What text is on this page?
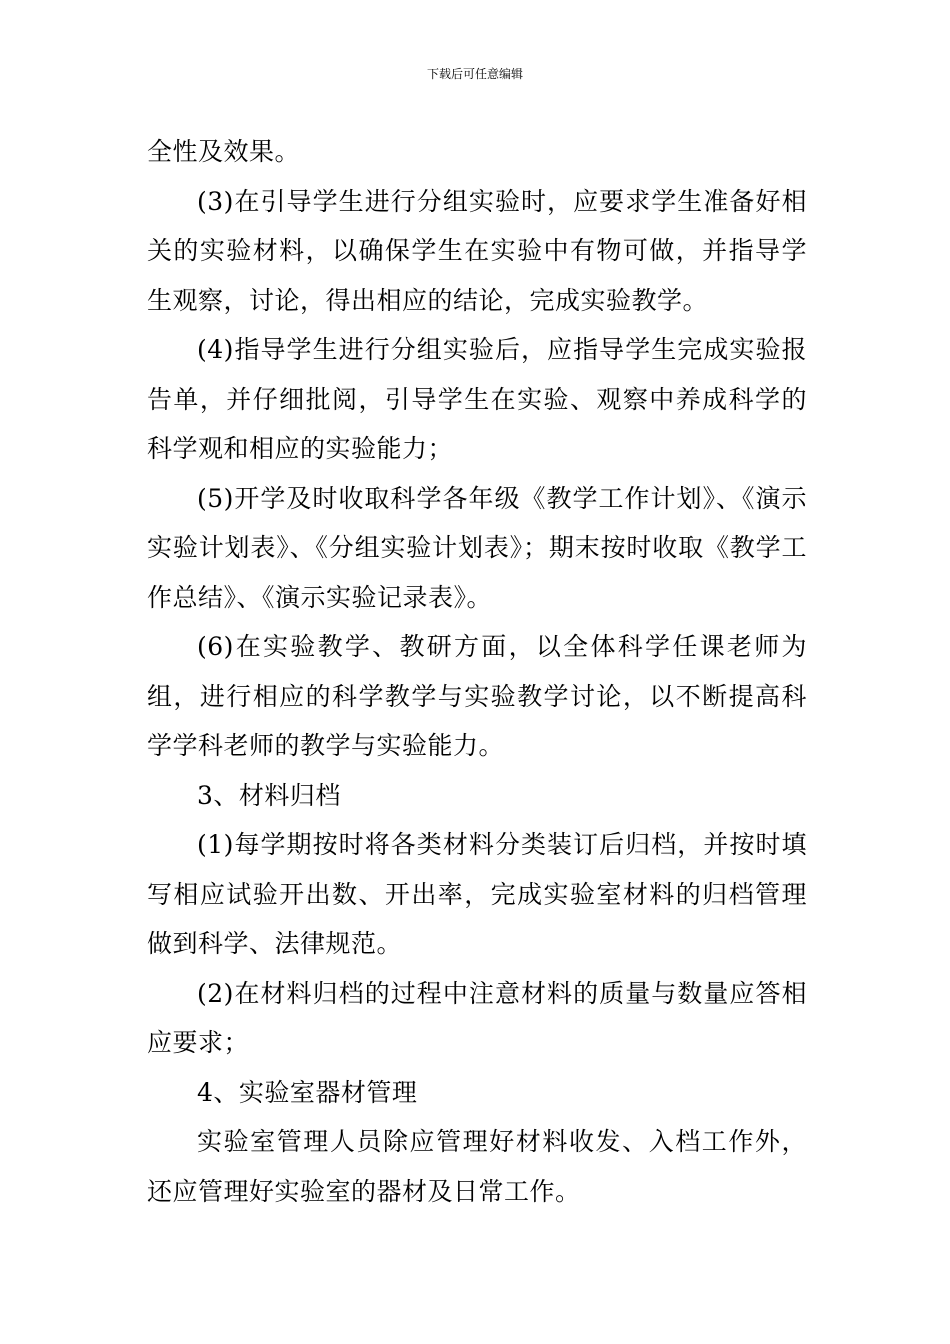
下载后可任意编辑

全性及效果。

(3)在引导学生进行分组实验时，应要求学生准备好相关的实验材料，以确保学生在实验中有物可做，并指导学生观察，讨论，得出相应的结论，完成实验教学。

(4)指导学生进行分组实验后，应指导学生完成实验报告单，并仔细批阅，引导学生在实验、观察中养成科学的科学观和相应的实验能力；

(5)开学及时收取科学各年级《教学工作计划》、《演示实验计划表》、《分组实验计划表》；期末按时收取《教学工作总结》、《演示实验记录表》。

(6)在实验教学、教研方面，以全体科学任课老师为组，进行相应的科学教学与实验教学讨论，以不断提高科学学科老师的教学与实验能力。

3、材料归档

(1)每学期按时将各类材料分类装订后归档，并按时填写相应试验开出数、开出率，完成实验室材料的归档管理做到科学、法律规范。

(2)在材料归档的过程中注意材料的质量与数量应答相应要求；

4、实验室器材管理

实验室管理人员除应管理好材料收发、入档工作外，还应管理好实验室的器材及日常工作。
